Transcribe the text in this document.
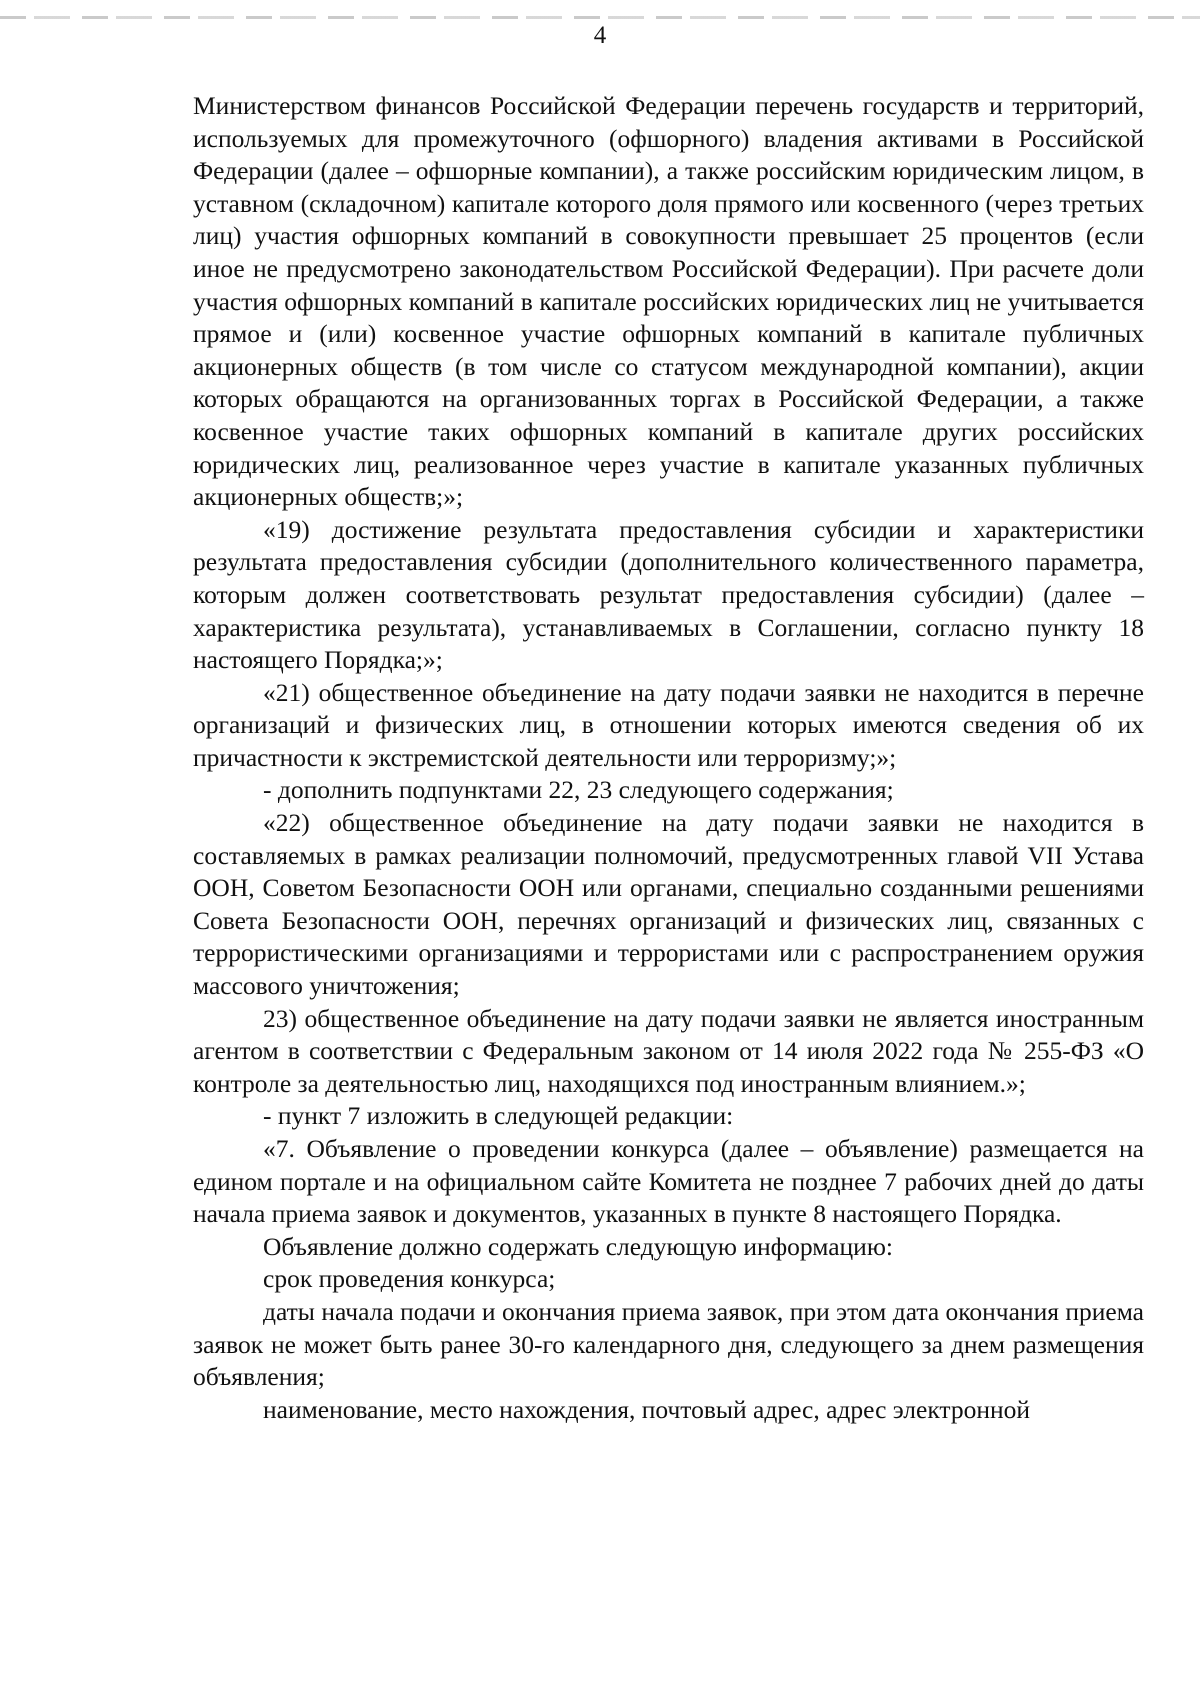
4

Министерством финансов Российской Федерации перечень государств и территорий, используемых для промежуточного (офшорного) владения активами в Российской Федерации (далее – офшорные компании), а также российским юридическим лицом, в уставном (складочном) капитале которого доля прямого или косвенного (через третьих лиц) участия офшорных компаний в совокупности превышает 25 процентов (если иное не предусмотрено законодательством Российской Федерации). При расчете доли участия офшорных компаний в капитале российских юридических лиц не учитывается прямое и (или) косвенное участие офшорных компаний в капитале публичных акционерных обществ (в том числе со статусом международной компании), акции которых обращаются на организованных торгах в Российской Федерации, а также косвенное участие таких офшорных компаний в капитале других российских юридических лиц, реализованное через участие в капитале указанных публичных акционерных обществ;»;

«19) достижение результата предоставления субсидии и характеристики результата предоставления субсидии (дополнительного количественного параметра, которым должен соответствовать результат предоставления субсидии) (далее – характеристика результата), устанавливаемых в Соглашении, согласно пункту 18 настоящего Порядка;»;

«21) общественное объединение на дату подачи заявки не находится в перечне организаций и физических лиц, в отношении которых имеются сведения об их причастности к экстремистской деятельности или терроризму;»;

- дополнить подпунктами 22, 23 следующего содержания;

«22) общественное объединение на дату подачи заявки не находится в составляемых в рамках реализации полномочий, предусмотренных главой VII Устава ООН, Советом Безопасности ООН или органами, специально созданными решениями Совета Безопасности ООН, перечнях организаций и физических лиц, связанных с террористическими организациями и террористами или с распространением оружия массового уничтожения;

23) общественное объединение на дату подачи заявки не является иностранным агентом в соответствии с Федеральным законом от 14 июля 2022 года № 255-ФЗ «О контроле за деятельностью лиц, находящихся под иностранным влиянием.»;

- пункт 7 изложить в следующей редакции:

«7. Объявление о проведении конкурса (далее – объявление) размещается на едином портале и на официальном сайте Комитета не позднее 7 рабочих дней до даты начала приема заявок и документов, указанных в пункте 8 настоящего Порядка.

Объявление должно содержать следующую информацию:

срок проведения конкурса;

даты начала подачи и окончания приема заявок, при этом дата окончания приема заявок не может быть ранее 30-го календарного дня, следующего за днем размещения объявления;

наименование, место нахождения, почтовый адрес, адрес электронной
